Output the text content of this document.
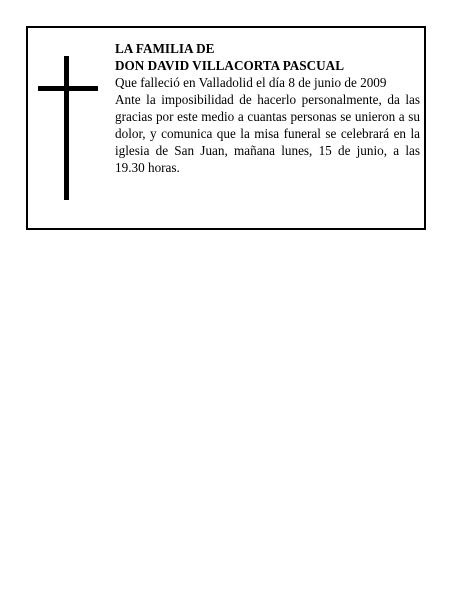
LA FAMILIA DE
DON DAVID VILLACORTA PASCUAL
Que falleció en Valladolid el día 8 de junio de 2009
Ante la imposibilidad de hacerlo personalmente, da las gracias por este medio a cuantas personas se unieron a su dolor, y comunica que la misa funeral se celebrará en la iglesia de San Juan, mañana lunes, 15 de junio, a las 19.30 horas.
